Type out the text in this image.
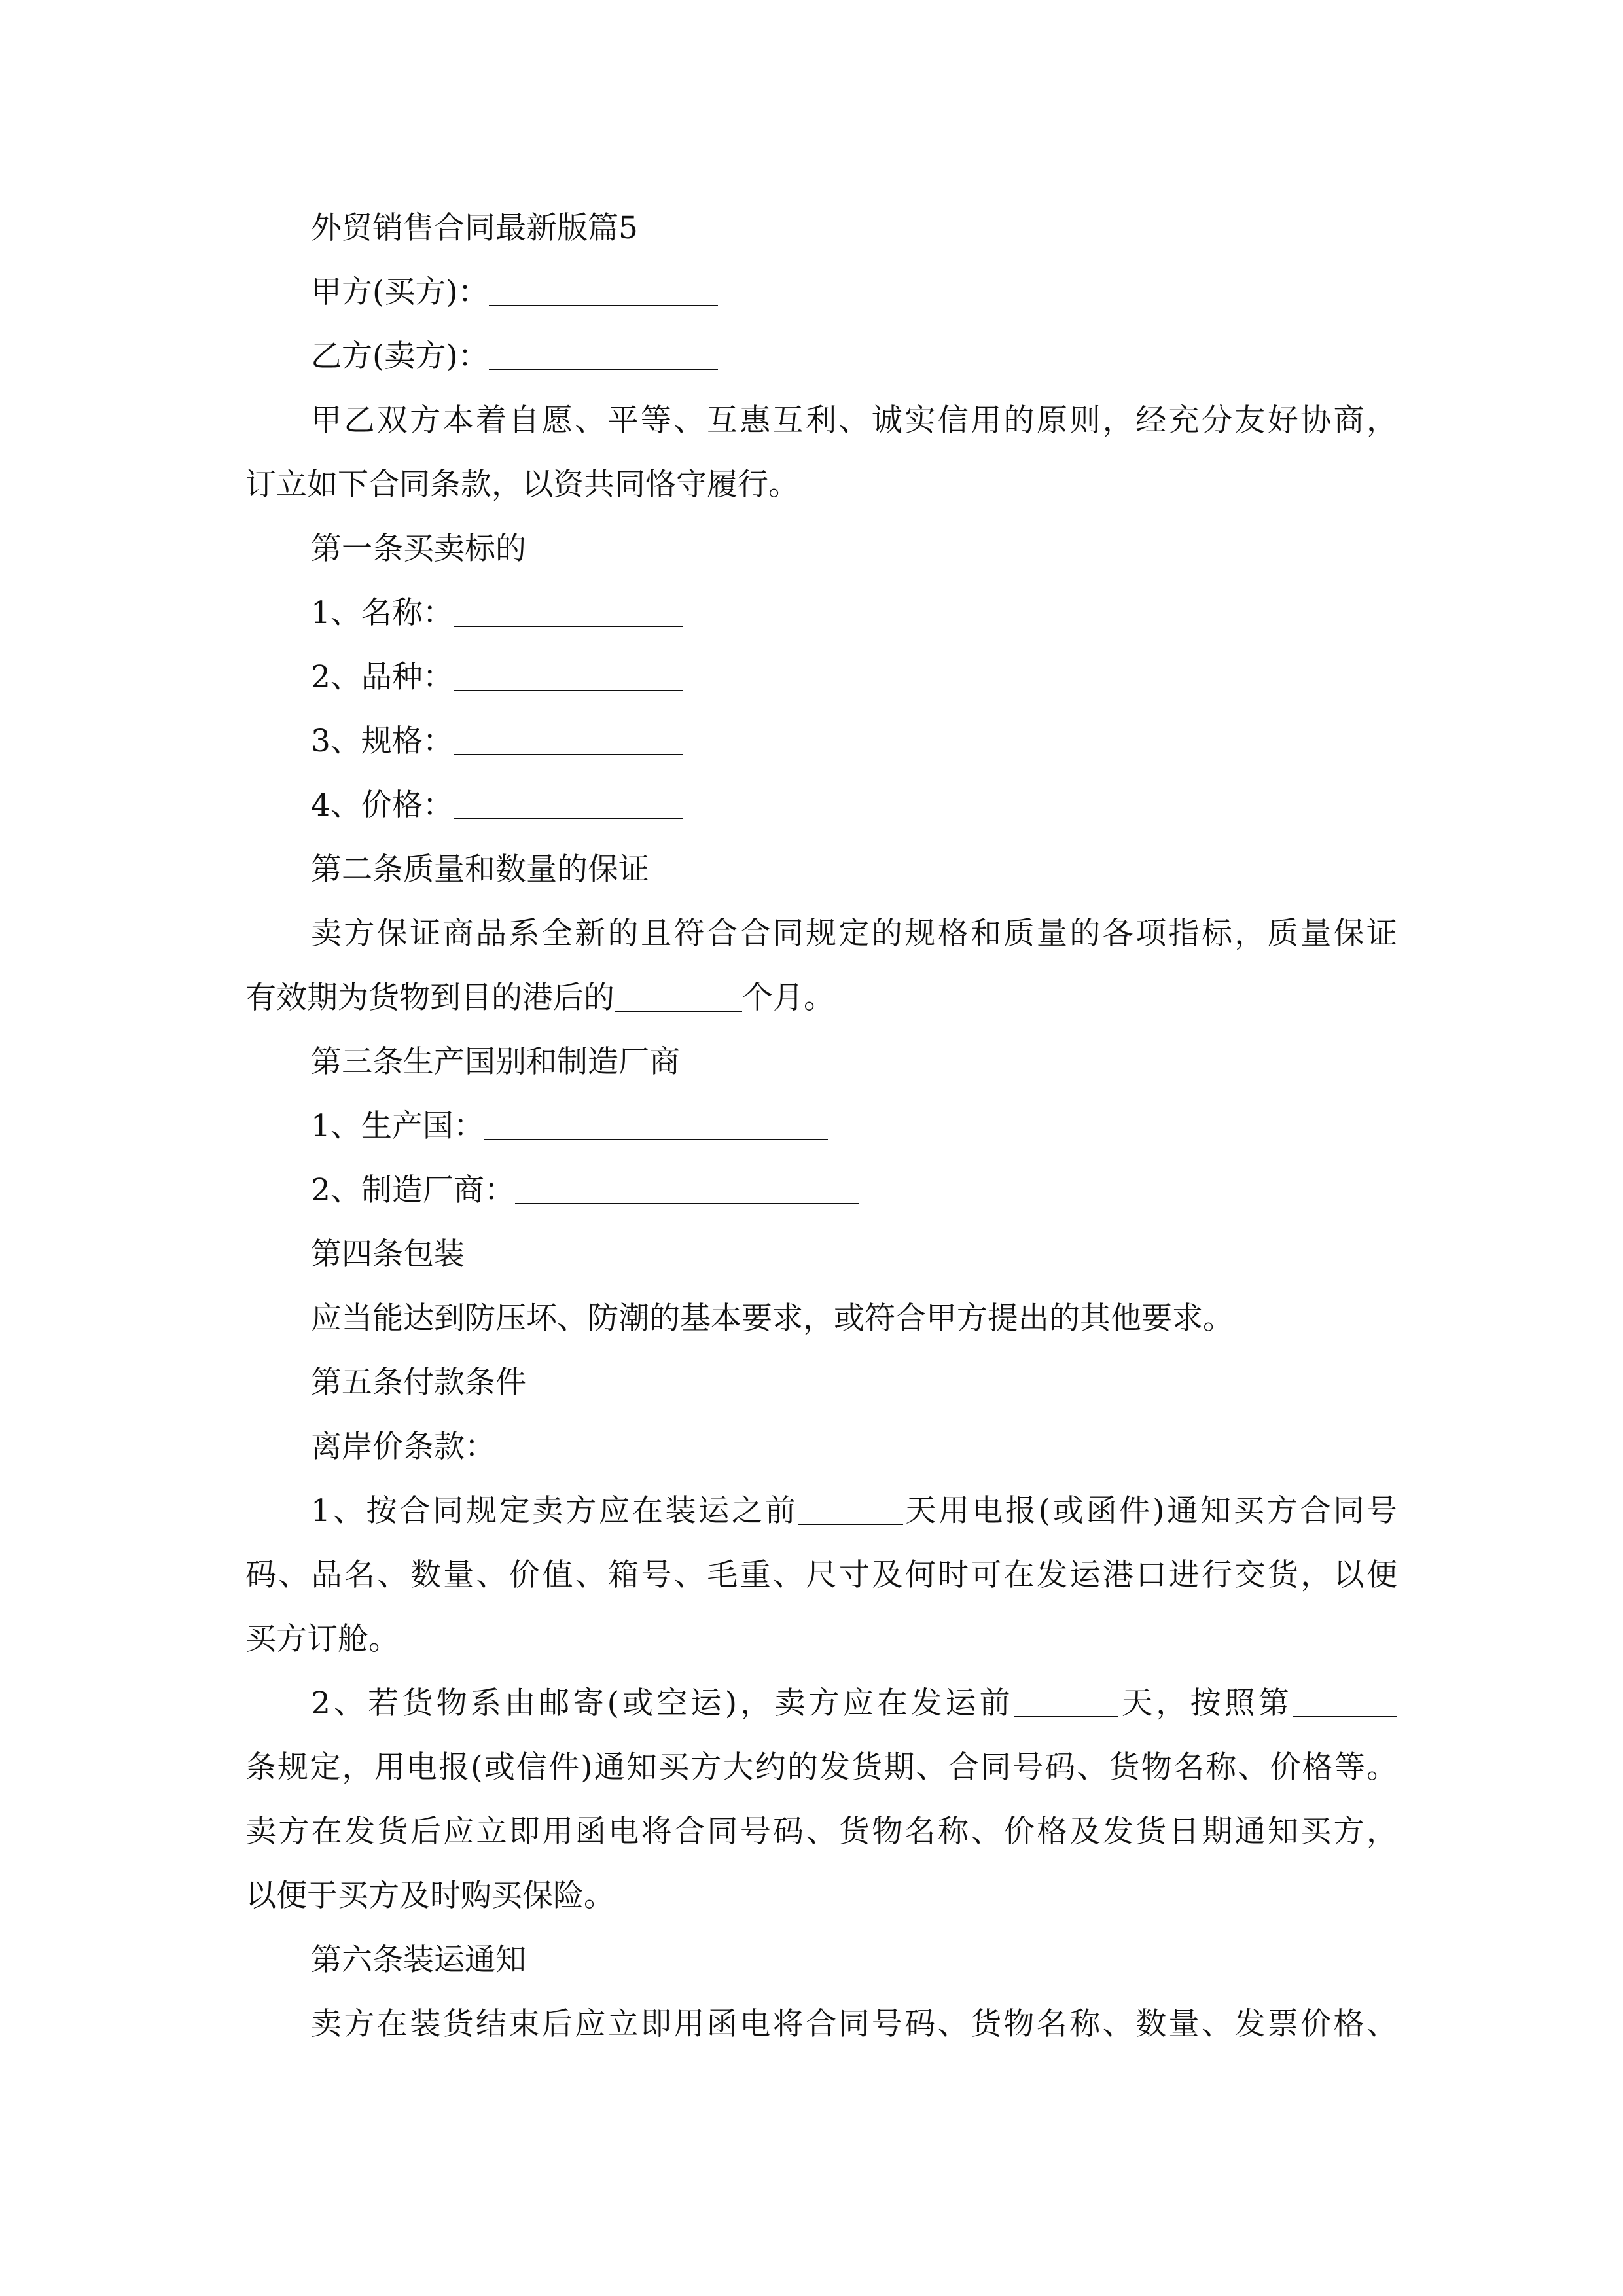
外贸销售合同最新版篇5
甲方(买方)：
乙方(卖方)：
甲乙双方本着自愿、平等、互惠互利、诚实信用的原则，经充分友好协商，
订立如下合同条款，以资共同恪守履行。
第一条买卖标的
1、名称：
2、品种：
3、规格：
4、价格：
第二条质量和数量的保证
卖方保证商品系全新的且符合合同规定的规格和质量的各项指标，质量保证
有效期为货物到目的港后的	个月。
第三条生产国别和制造厂商
1、生产国：
2、制造厂商：
第四条包装
应当能达到防压坏、防潮的基本要求，或符合甲方提出的其他要求。
第五条付款条件
离岸价条款：
1、按合同规定卖方应在装运之前	天用电报(或函件)通知买方合同号
码、品名、数量、价值、箱号、毛重、尺寸及何时可在发运港口进行交货，以便
买方订舱。
2、若货物系由邮寄(或空运)，卖方应在发运前	天，按照第
条规定，用电报(或信件)通知买方大约的发货期、合同号码、货物名称、价格等。
卖方在发货后应立即用函电将合同号码、货物名称、价格及发货日期通知买方，
以便于买方及时购买保险。
第六条装运通知
卖方在装货结束后应立即用函电将合同号码、货物名称、数量、发票价格、
